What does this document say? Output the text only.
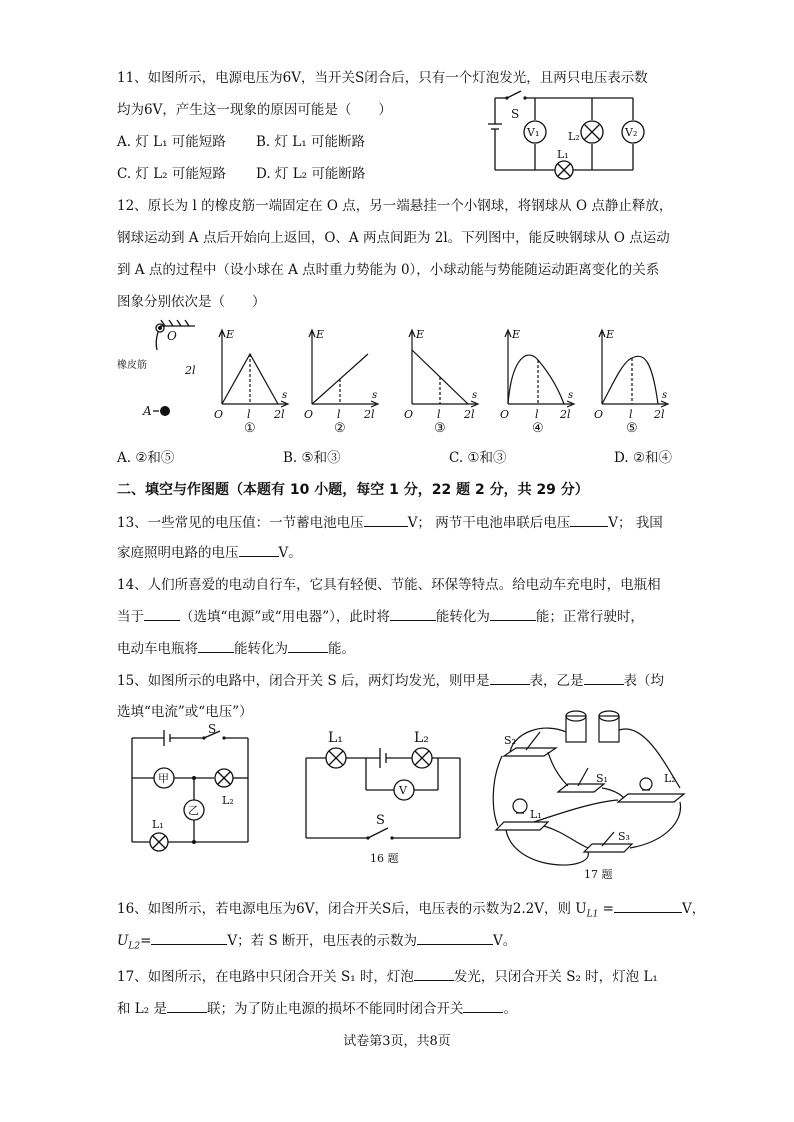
11、如图所示，电源电压为6V，当开关S闭合后，只有一个灯泡发光，且两只电压表示数
均为6V，产生这一现象的原因可能是（　　）
A. 灯 L₁ 可能短路 B. 灯 L₁ 可能断路
C. 灯 L₂ 可能短路 D. 灯 L₂ 可能断路
S
V₁	L₂	V₂
L₁
12、原长为 l 的橡皮筋一端固定在 O 点，另一端悬挂一个小钢球，将钢球从 O 点静止释放，
钢球运动到 A 点后开始向上返回，O、A 两点间距为 2l。下列图中，能反映钢球从 O 点运动
到 A 点的过程中（设小球在 A 点时重力势能为 0），小球动能与势能随运动距离变化的关系
图象分别依次是（　　）
O
橡皮筋	2l
A
E
s
O l 2l
①
E
s
O l 2l
②
E
s
O l 2l
③
E
s
O l 2l
④
E
s
O l 2l
⑤
A. ②和⑤	B. ⑤和③	C. ①和③	D. ②和④
二、填空与作图题（本题有 10 小题，每空 1 分，22 题 2 分，共 29 分）
13、一些常见的电压值：一节蓄电池电压	V； 两节干电池串联后电压	V； 我国
家庭照明电路的电压	V。
14、人们所喜爱的电动自行车，它具有轻便、节能、环保等特点。给电动车充电时，电瓶相
当于	（选填“电源”或“用电器”），此时将	能转化为	能；正常行驶时，
电动车电瓶将	能转化为	能。
15、如图所示的电路中，闭合开关 S 后，两灯均发光，则甲是	表，乙是	表（均
选填“电流”或“电压”）
S
甲
乙
L₂
L₁
L₁	L₂
V
S
16 题
S₂
S₁	L₂
L₁
S₃
17 题
16、如图所示，若电源电压为6V，闭合开关S后，电压表的示数为2.2V，则 $U_{L1}$ =	V，
$U_{L2}=$	V；若 S 断开，电压表的示数为	V。
17、如图所示，在电路中只闭合开关 S₁ 时，灯泡	发光，只闭合开关 S₂ 时，灯泡 L₁
和 L₂ 是	联；为了防止电源的损坏不能同时闭合开关	。
试卷第3页，共8页
